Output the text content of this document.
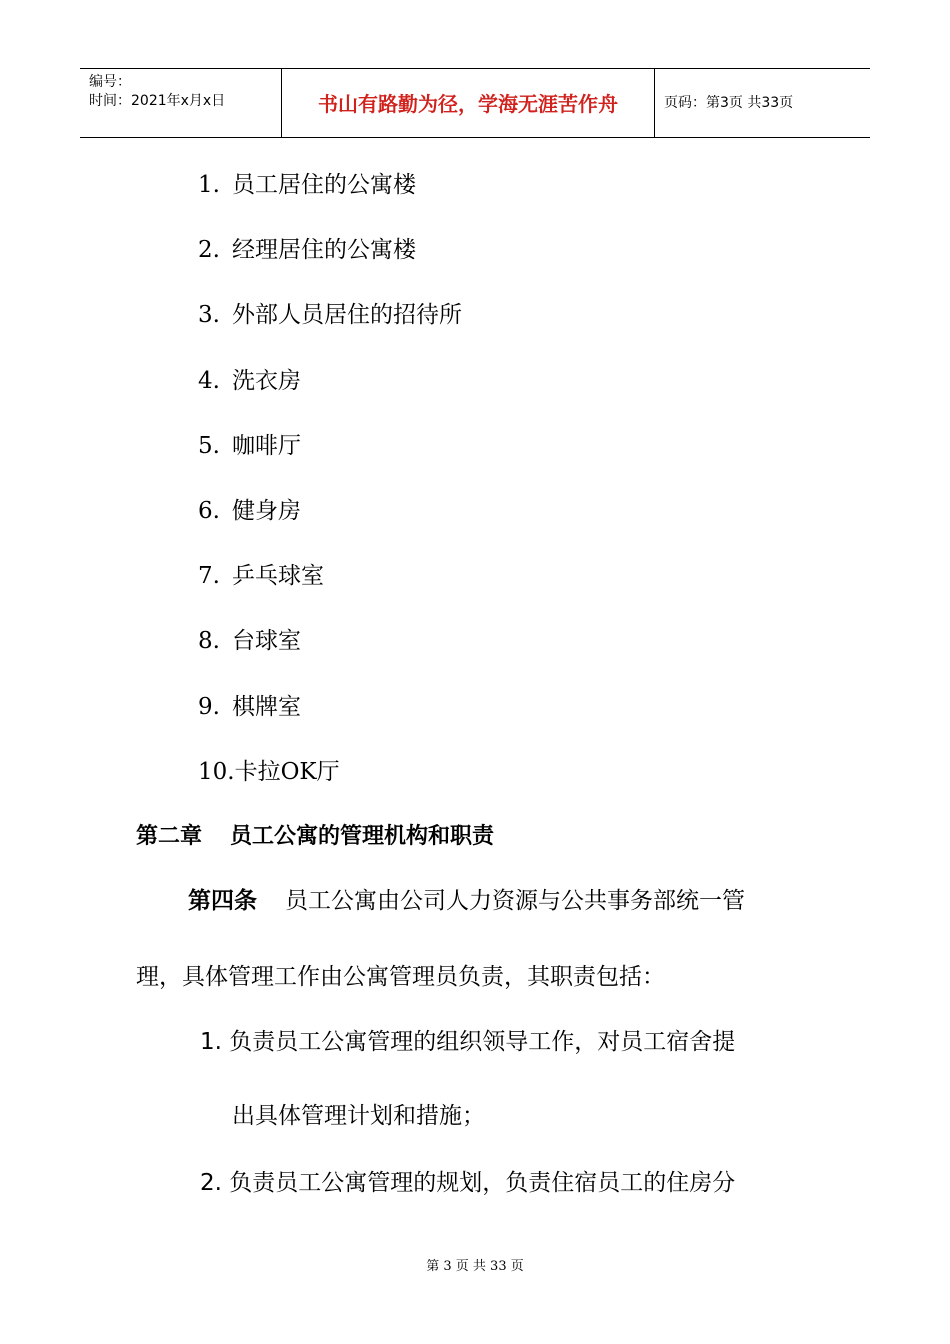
编号：
时间：2021年x月x日	书山有路勤为径，学海无涯苦作舟	页码：第3页 共33页
1. 员工居住的公寓楼
2. 经理居住的公寓楼
3. 外部人员居住的招待所
4. 洗衣房
5. 咖啡厅
6. 健身房
7. 乒乓球室
8. 台球室
9. 棋牌室
10.卡拉OK厅
第二章 员工公寓的管理机构和职责
第四条 员工公寓由公司人力资源与公共事务部统一管
理，具体管理工作由公寓管理员负责，其职责包括：
1. 负责员工公寓管理的组织领导工作，对员工宿舍提
出具体管理计划和措施；
2. 负责员工公寓管理的规划，负责住宿员工的住房分
第 3 页 共 33 页
